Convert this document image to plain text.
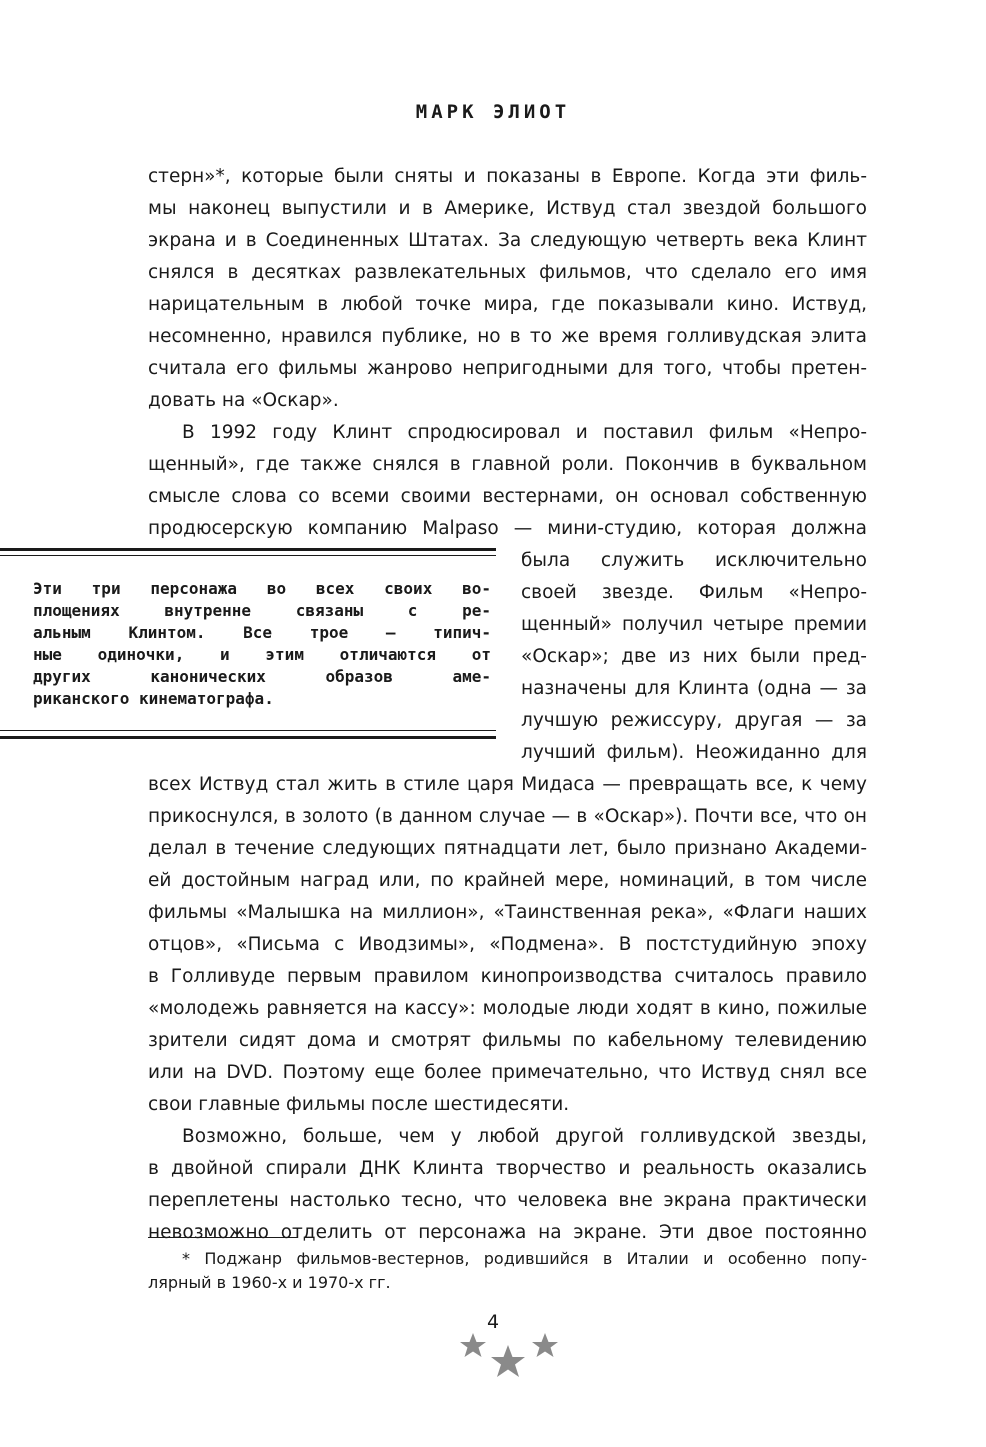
МАРК ЭЛИОТ
стерн»*, которые были сняты и показаны в Европе. Когда эти филь-
мы наконец выпустили и в Америке, Иствуд стал звездой большого
экрана и в Соединенных Штатах. За следующую четверть века Клинт
снялся в десятках развлекательных фильмов, что сделало его имя
нарицательным в любой точке мира, где показывали кино. Иствуд,
несомненно, нравился публике, но в то же время голливудская элита
считала его фильмы жанрово непригодными для того, чтобы претен-
довать на «Оскар».
В 1992 году Клинт спродюсировал и поставил фильм «Непро-
щенный», где также снялся в главной роли. Покончив в буквальном
смысле слова со всеми своими вестернами, он основал собственную
продюсерскую компанию Malpaso — мини-студию, которая должна
была служить исключительно
своей звезде. Фильм «Непро-
щенный» получил четыре премии
«Оскар»; две из них были пред-
назначены для Клинта (одна — за
лучшую режиссуру, другая — за
лучший фильм). Неожиданно для
всех Иствуд стал жить в стиле царя Мидаса — превращать все, к чему
прикоснулся, в золото (в данном случае — в «Оскар»). Почти все, что он
делал в течение следующих пятнадцати лет, было признано Академи-
ей достойным наград или, по крайней мере, номинаций, в том числе
фильмы «Малышка на миллион», «Таинственная река», «Флаги наших
отцов», «Письма с Иводзимы», «Подмена». В постстудийную эпоху
в Голливуде первым правилом кинопроизводства считалось правило
«молодежь равняется на кассу»: молодые люди ходят в кино, пожилые
зрители сидят дома и смотрят фильмы по кабельному телевидению
или на DVD. Поэтому еще более примечательно, что Иствуд снял все
свои главные фильмы после шестидесяти.
Возможно, больше, чем у любой другой голливудской звезды,
в двойной спирали ДНК Клинта творчество и реальность оказались
переплетены настолько тесно, что человека вне экрана практически
невозможно отделить от персонажа на экране. Эти двое постоянно
Эти три персонажа во всех своих во-
площениях внутренне связаны с ре-
альным Клинтом. Все трое — типич-
ные одиночки, и этим отличаются от
других канонических образов аме-
риканского кинематографа.
* Поджанр фильмов-вестернов, родившийся в Италии и особенно попу-
лярный в 1960-х и 1970-х гг.
4
